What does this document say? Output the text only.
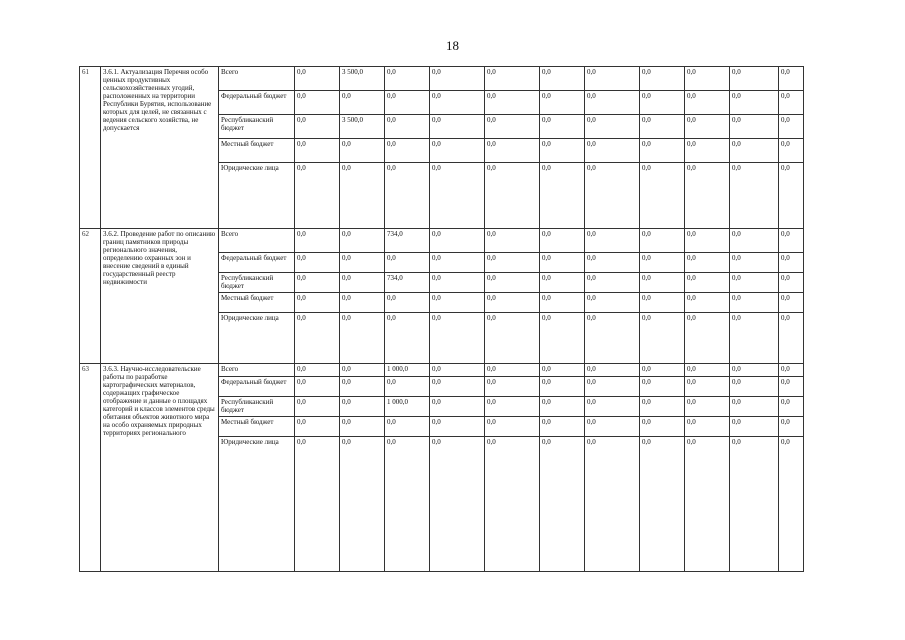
18
61	3.6.1. Актуализация Перечня особо ценных продуктивных сельскохозяйственных угодий, расположенных на территории Республики Бурятия, использование которых для целей, не связанных с ведения сельского хозяйства, не допускается	Всего	0,0	3 500,0	0,0	0,0	0,0	0,0	0,0	0,0	0,0	0,0	0,0
		Федеральный бюджет	0,0	0,0	0,0	0,0	0,0	0,0	0,0	0,0	0,0	0,0	0,0
		Республиканский бюджет	0,0	3 500,0	0,0	0,0	0,0	0,0	0,0	0,0	0,0	0,0	0,0
		Местный бюджет	0,0	0,0	0,0	0,0	0,0	0,0	0,0	0,0	0,0	0,0	0,0
		Юридические лица	0,0	0,0	0,0	0,0	0,0	0,0	0,0	0,0	0,0	0,0	0,0
62	3.6.2. Проведение работ по описанию границ памятников природы регионального значения, определению охранных зон и внесение сведений в единый государственный реестр недвижимости	Всего	0,0	0,0	734,0	0,0	0,0	0,0	0,0	0,0	0,0	0,0	0,0
		Федеральный бюджет	0,0	0,0	0,0	0,0	0,0	0,0	0,0	0,0	0,0	0,0	0,0
		Республиканский бюджет	0,0	0,0	734,0	0,0	0,0	0,0	0,0	0,0	0,0	0,0	0,0
		Местный бюджет	0,0	0,0	0,0	0,0	0,0	0,0	0,0	0,0	0,0	0,0	0,0
		Юридические лица	0,0	0,0	0,0	0,0	0,0	0,0	0,0	0,0	0,0	0,0	0,0
63	3.6.3. Научно-исследовательские работы по разработке картографических материалов, содержащих графическое отображение и данные о площадях категорий и классов элементов среды обитания объектов животного мира на особо охраняемых природных территориях регионального	Всего	0,0	0,0	1 000,0	0,0	0,0	0,0	0,0	0,0	0,0	0,0	0,0
		Федеральный бюджет	0,0	0,0	0,0	0,0	0,0	0,0	0,0	0,0	0,0	0,0	0,0
		Республиканский бюджет	0,0	0,0	1 000,0	0,0	0,0	0,0	0,0	0,0	0,0	0,0	0,0
		Местный бюджет	0,0	0,0	0,0	0,0	0,0	0,0	0,0	0,0	0,0	0,0	0,0
		Юридические лица	0,0	0,0	0,0	0,0	0,0	0,0	0,0	0,0	0,0	0,0	0,0
